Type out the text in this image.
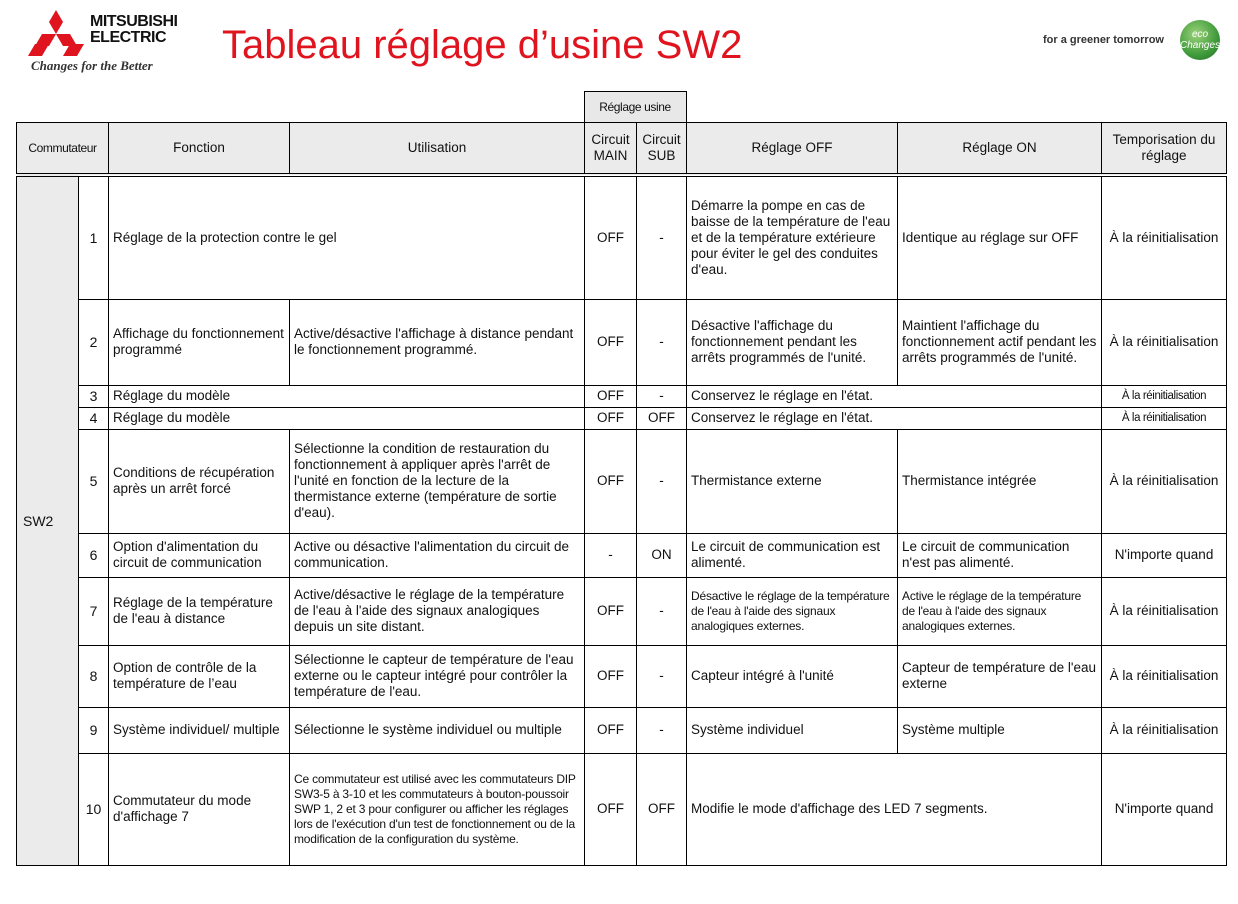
MITSUBISHI
ELECTRIC
Changes for the Better Tableau réglage d’usine SW2	for a greener tomorrow	eco Changes
	Réglage usine	
Commutateur		Fonction	Utilisation	Circuit MAIN	Circuit SUB	Réglage OFF	Réglage ON	Temporisation du réglage
SW2	1	Réglage de la protection contre le gel		OFF	-	Démarre la pompe en cas de baisse de la température de l'eau et de la température extérieure pour éviter le gel des conduites d'eau.	Identique au réglage sur OFF	À la réinitialisation
	2	Affichage du fonctionnement programmé	Active/désactive l'affichage à distance pendant le fonctionnement programmé.	OFF	-	Désactive l'affichage du fonctionnement pendant les arrêts programmés de l'unité.	Maintient l'affichage du fonctionnement actif pendant les arrêts programmés de l'unité.	À la réinitialisation
	3	Réglage du modèle		OFF	-	Conservez le réglage en l'état.		À la réinitialisation
	4	Réglage du modèle		OFF	OFF	Conservez le réglage en l'état.		À la réinitialisation
	5	Conditions de récupération après un arrêt forcé	Sélectionne la condition de restauration du fonctionnement à appliquer après l'arrêt de l'unité en fonction de la lecture de la thermistance externe (température de sortie d'eau).	OFF	-	Thermistance externe	Thermistance intégrée	À la réinitialisation
	6	Option d'alimentation du circuit de communication	Active ou désactive l'alimentation du circuit de communication.	-	ON	Le circuit de communication est alimenté.	Le circuit de communication n'est pas alimenté.	N'importe quand
	7	Réglage de la température de l'eau à distance	Active/désactive le réglage de la température de l'eau à l'aide des signaux analogiques depuis un site distant.	OFF	-	Désactive le réglage de la température de l'eau à l'aide des signaux analogiques externes.	Active le réglage de la température de l'eau à l'aide des signaux analogiques externes.	À la réinitialisation
	8	Option de contrôle de la température de l’eau	Sélectionne le capteur de température de l'eau externe ou le capteur intégré pour contrôler la température de l'eau.	OFF	-	Capteur intégré à l'unité	Capteur de température de l'eau externe	À la réinitialisation
	9	Système individuel/ multiple	Sélectionne le système individuel ou multiple	OFF	-	Système individuel	Système multiple	À la réinitialisation
	10	Commutateur du mode d'affichage 7	Ce commutateur est utilisé avec les commutateurs DIP SW3-5 à 3-10 et les commutateurs à bouton-poussoir SWP 1, 2 et 3 pour configurer ou afficher les réglages lors de l'exécution d'un test de fonctionnement ou de la modification de la configuration du système.	OFF	OFF	Modifie le mode d'affichage des LED 7 segments.		N'importe quand
